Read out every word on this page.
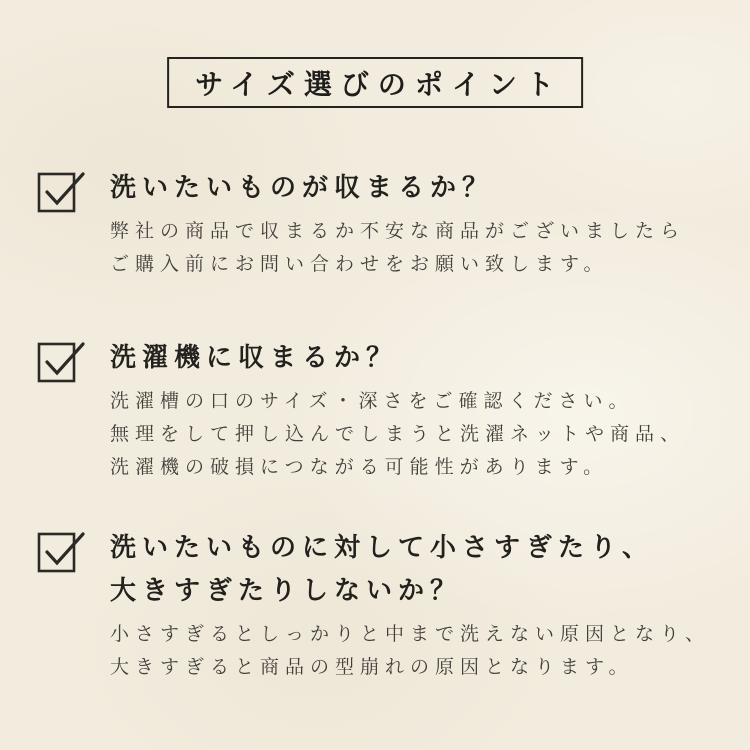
サイズ選びのポイント
洗いたいものが収まるか？

弊社の商品で収まるか不安な商品がございましたら
ご購入前にお問い合わせをお願い致します。

洗濯機に収まるか？

洗濯槽の口のサイズ・深さをご確認ください。
無理をして押し込んでしまうと洗濯ネットや商品、
洗濯機の破損につながる可能性があります。

洗いたいものに対して小さすぎたり、
大きすぎたりしないか？

小さすぎるとしっかりと中まで洗えない原因となり、
大きすぎると商品の型崩れの原因となります。
